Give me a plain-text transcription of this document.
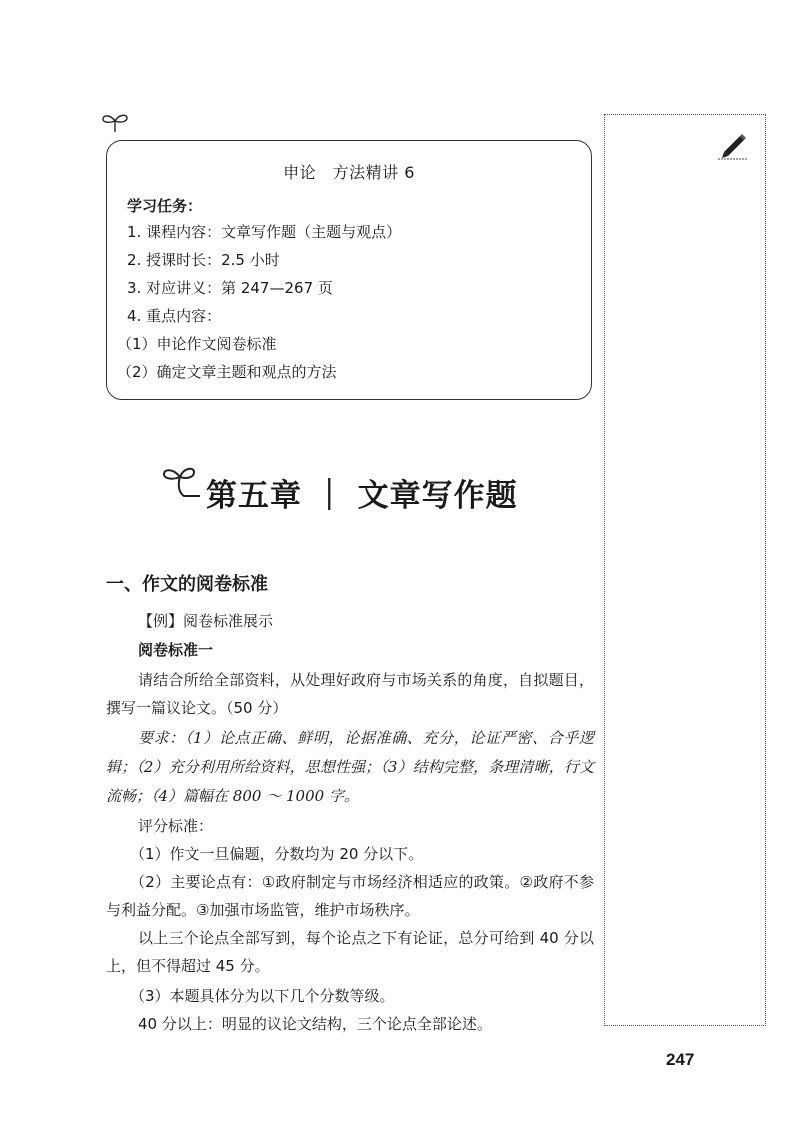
申论　方法精讲 6
学习任务：
1. 课程内容：文章写作题（主题与观点）
2. 授课时长：2.5 小时
3. 对应讲义：第 247—267 页
4. 重点内容：
（1）申论作文阅卷标准
（2）确定文章主题和观点的方法
第五章 ｜ 文章写作题
一、作文的阅卷标准
【例】阅卷标准展示
阅卷标准一
请结合所给全部资料，从处理好政府与市场关系的角度，自拟题目，撰写一篇议论文。（50 分）
要求：（1）论点正确、鲜明，论据准确、充分，论证严密、合乎逻辑；（2）充分利用所给资料，思想性强；（3）结构完整，条理清晰，行文流畅；（4）篇幅在 800 ～ 1000 字。
评分标准：
（1）作文一旦偏题，分数均为 20 分以下。
（2）主要论点有：①政府制定与市场经济相适应的政策。②政府不参与利益分配。③加强市场监管，维护市场秩序。
以上三个论点全部写到，每个论点之下有论证，总分可给到 40 分以上，但不得超过 45 分。
（3）本题具体分为以下几个分数等级。
40 分以上：明显的议论文结构，三个论点全部论述。
247
